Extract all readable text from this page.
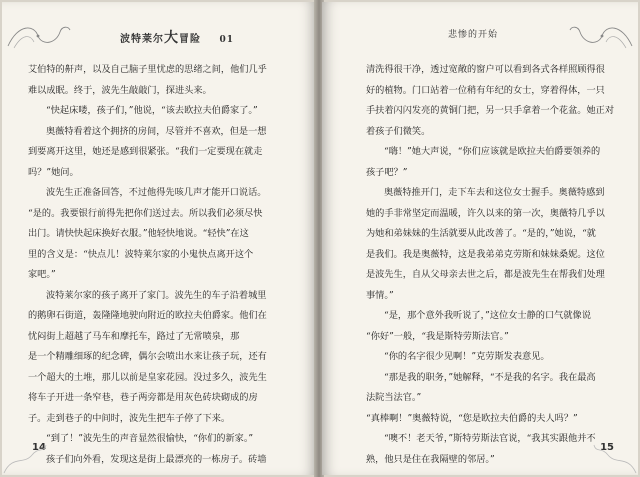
波特莱尔大冒险 01
艾伯特的鼾声，以及自己脑子里忧虑的思绪之间，他们几乎
难以成眠。终于，波先生敲敲门，探进头来。
“快起床喽，孩子们，”他说，“该去欧拉夫伯爵家了。”
奥薇特看着这个拥挤的房间，尽管并不喜欢，但是一想
到要离开这里，她还是感到很紧张。“我们一定要现在就走
吗？”她问。
波先生正准备回答，不过他得先咳几声才能开口说话。
“是的。我要银行前得先把你们送过去。所以我们必须尽快
出门。请快快起床换好衣服。”他轻快地说。“轻快”在这
里的含义是：“快点儿！波特莱尔家的小鬼快点离开这个
家吧。”
波特莱尔家的孩子离开了家门。波先生的车子沿着城里
的鹅卵石街道，轰隆隆地驶向附近的欧拉夫伯爵家。他们在
忧闷街上超越了马车和摩托车，路过了无常喷泉，那
是一个精雕细琢的纪念碑，偶尔会喷出水来让孩子玩，还有
一个超大的土堆，那儿以前是皇家花园。没过多久，波先生
将车子开进一条窄巷，巷子两旁都是用灰色砖块砌成的房
子。走到巷子的中间时，波先生把车子停了下来。
“到了！”波先生的声音显然很愉快，“你们的新家。”
孩子们向外看，发现这是街上最漂亮的一栋房子。砖墙
14
悲惨的开始
清洗得很干净，透过宽敞的窗户可以看到各式各样照顾得很
好的植物。门口站着一位稍有年纪的女士，穿着得体，一只
手扶着闪闪发亮的黄铜门把，另一只手拿着一个花盆。她正对
着孩子们微笑。
“嗨！”她大声说，“你们应该就是欧拉夫伯爵要领养的
孩子吧？”
奥薇特推开门，走下车去和这位女士握手。奥薇特感到
她的手非常坚定而温暖，许久以来的第一次，奥薇特几乎以
为她和弟妹妹的生活就要从此改善了。“是的，”她说，“就
是我们。我是奥薇特，这是我弟弟克劳斯和妹妹桑妮。这位
是波先生，自从父母亲去世之后，都是波先生在帮我们处理
事情。”
“是，那个意外我听说了，”这位女士静的口气就像说
“你好”一般，“我是斯特劳斯法官。”
“你的名字很少见啊！”克劳斯发表意见。
“那是我的职务，”她解释，“不是我的名字。我在最高
法院当法官。”
“真棒啊！”奥薇特说，“您是欧拉夫伯爵的夫人吗？”
“噢不！老天爷，”斯特劳斯法官说，“我其实跟他并不
熟，他只是住在我隔壁的邻居。”
15
